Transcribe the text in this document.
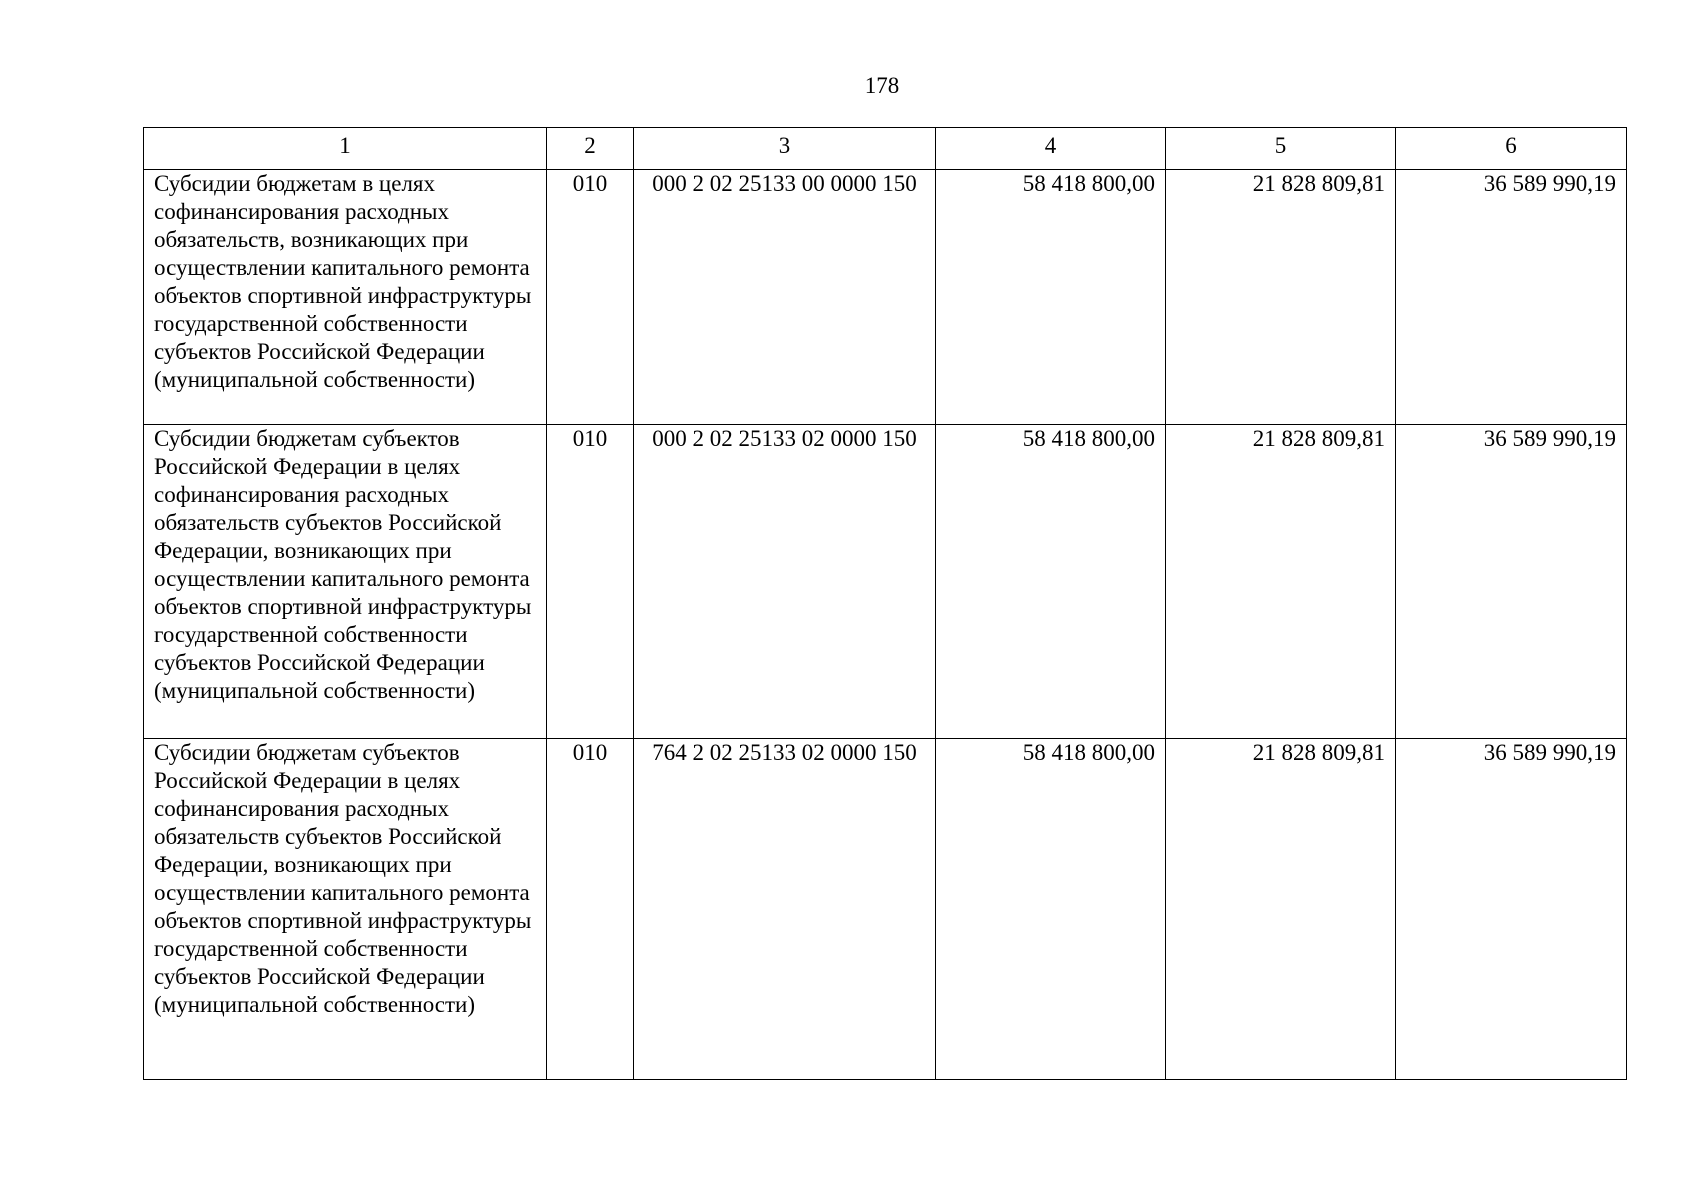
178
1	2	3	4	5	6
Субсидии бюджетам в целях софинансирования расходных обязательств, возникающих при осуществлении капитального ремонта объектов спортивной инфраструктуры государственной собственности субъектов Российской Федерации (муниципальной собственности)	010	000 2 02 25133 00 0000 150	58 418 800,00	21 828 809,81	36 589 990,19
Субсидии бюджетам субъектов Российской Федерации в целях софинансирования расходных обязательств субъектов Российской Федерации, возникающих при осуществлении капитального ремонта объектов спортивной инфраструктуры государственной собственности субъектов Российской Федерации (муниципальной собственности)	010	000 2 02 25133 02 0000 150	58 418 800,00	21 828 809,81	36 589 990,19
Субсидии бюджетам субъектов Российской Федерации в целях софинансирования расходных обязательств субъектов Российской Федерации, возникающих при осуществлении капитального ремонта объектов спортивной инфраструктуры государственной собственности субъектов Российской Федерации (муниципальной собственности)	010	764 2 02 25133 02 0000 150	58 418 800,00	21 828 809,81	36 589 990,19
